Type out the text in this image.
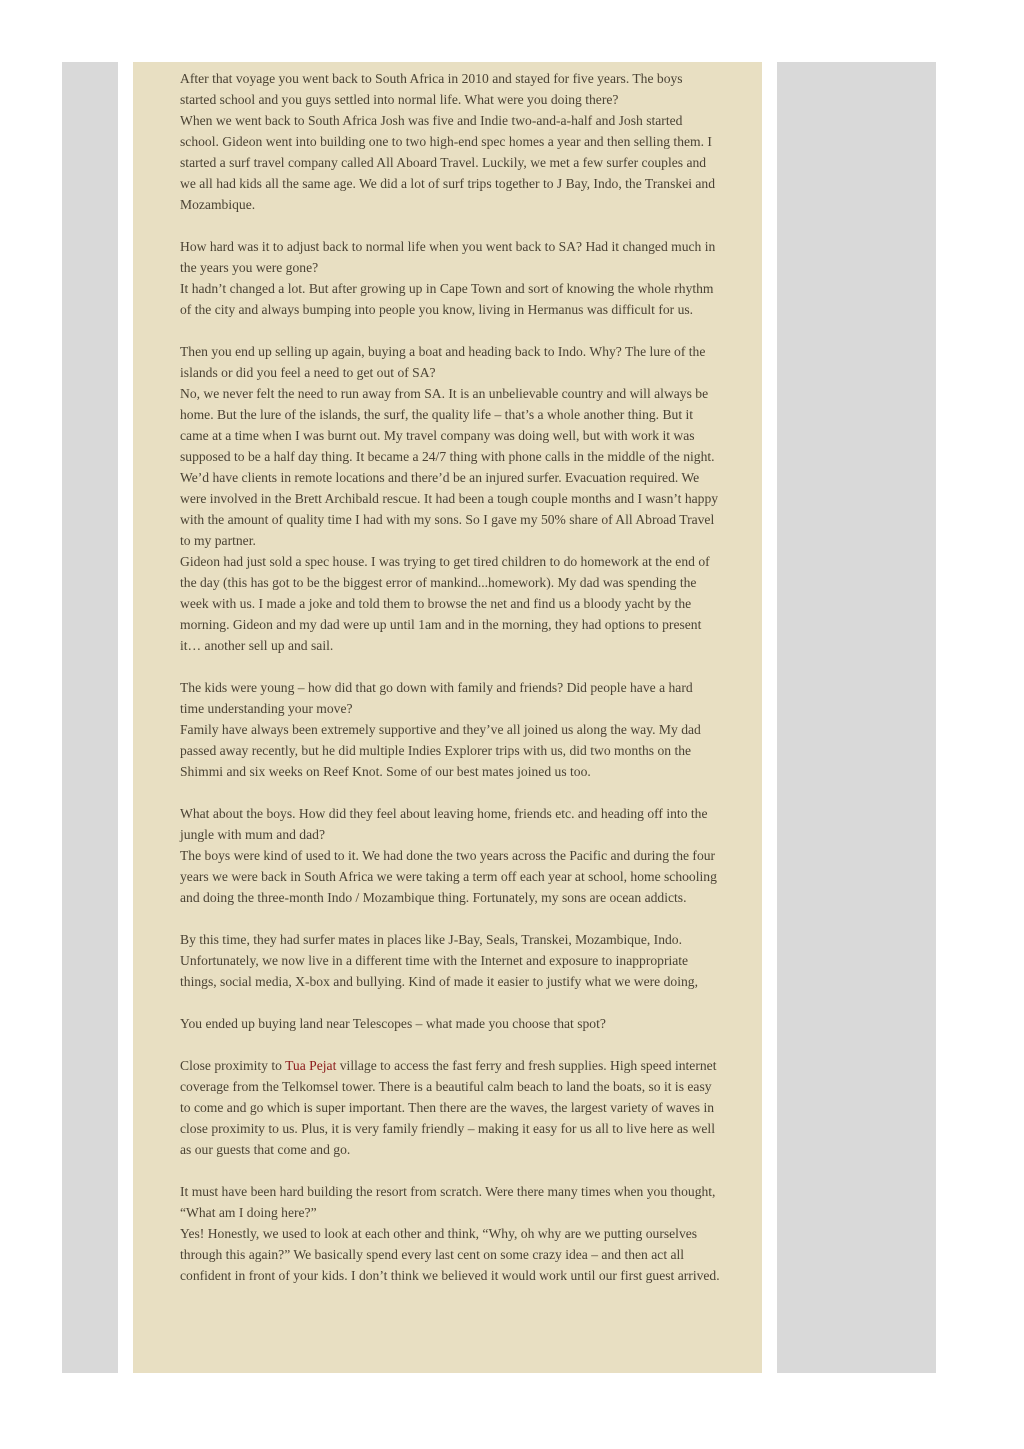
After that voyage you went back to South Africa in 2010 and stayed for five years. The boys started school and you guys settled into normal life. What were you doing there?

When we went back to South Africa Josh was five and Indie two-and-a-half and Josh started school. Gideon went into building one to two high-end spec homes a year and then selling them. I started a surf travel company called All Aboard Travel. Luckily, we met a few surfer couples and we all had kids all the same age. We did a lot of surf trips together to J Bay, Indo, the Transkei and Mozambique.

How hard was it to adjust back to normal life when you went back to SA? Had it changed much in the years you were gone?

It hadn’t changed a lot. But after growing up in Cape Town and sort of knowing the whole rhythm of the city and always bumping into people you know, living in Hermanus was difficult for us.

Then you end up selling up again, buying a boat and heading back to Indo. Why? The lure of the islands or did you feel a need to get out of SA?

No, we never felt the need to run away from SA. It is an unbelievable country and will always be home. But the lure of the islands, the surf, the quality life – that’s a whole another thing. But it came at a time when I was burnt out. My travel company was doing well, but with work it was supposed to be a half day thing. It became a 24/7 thing with phone calls in the middle of the night. We’d have clients in remote locations and there’d be an injured surfer. Evacuation required. We were involved in the Brett Archibald rescue. It had been a tough couple months and I wasn’t happy with the amount of quality time I had with my sons. So I gave my 50% share of All Abroad Travel to my partner.

Gideon had just sold a spec house. I was trying to get tired children to do homework at the end of the day (this has got to be the biggest error of mankind...homework). My dad was spending the week with us. I made a joke and told them to browse the net and find us a bloody yacht by the morning. Gideon and my dad were up until 1am and in the morning, they had options to present it… another sell up and sail.

The kids were young – how did that go down with family and friends? Did people have a hard time understanding your move?

Family have always been extremely supportive and they’ve all joined us along the way. My dad passed away recently, but he did multiple Indies Explorer trips with us, did two months on the Shimmi and six weeks on Reef Knot. Some of our best mates joined us too.

What about the boys. How did they feel about leaving home, friends etc. and heading off into the jungle with mum and dad?

The boys were kind of used to it. We had done the two years across the Pacific and during the four years we were back in South Africa we were taking a term off each year at school, home schooling and doing the three-month Indo / Mozambique thing. Fortunately, my sons are ocean addicts.

By this time, they had surfer mates in places like J-Bay, Seals, Transkei, Mozambique, Indo. Unfortunately, we now live in a different time with the Internet and exposure to inappropriate things, social media, X-box and bullying. Kind of made it easier to justify what we were doing,

You ended up buying land near Telescopes – what made you choose that spot?

Close proximity to Tua Pejat village to access the fast ferry and fresh supplies. High speed internet coverage from the Telkomsel tower. There is a beautiful calm beach to land the boats, so it is easy to come and go which is super important. Then there are the waves, the largest variety of waves in close proximity to us. Plus, it is very family friendly – making it easy for us all to live here as well as our guests that come and go.

It must have been hard building the resort from scratch. Were there many times when you thought, “What am I doing here?”

Yes! Honestly, we used to look at each other and think, “Why, oh why are we putting ourselves through this again?” We basically spend every last cent on some crazy idea – and then act all confident in front of your kids. I don’t think we believed it would work until our first guest arrived.
